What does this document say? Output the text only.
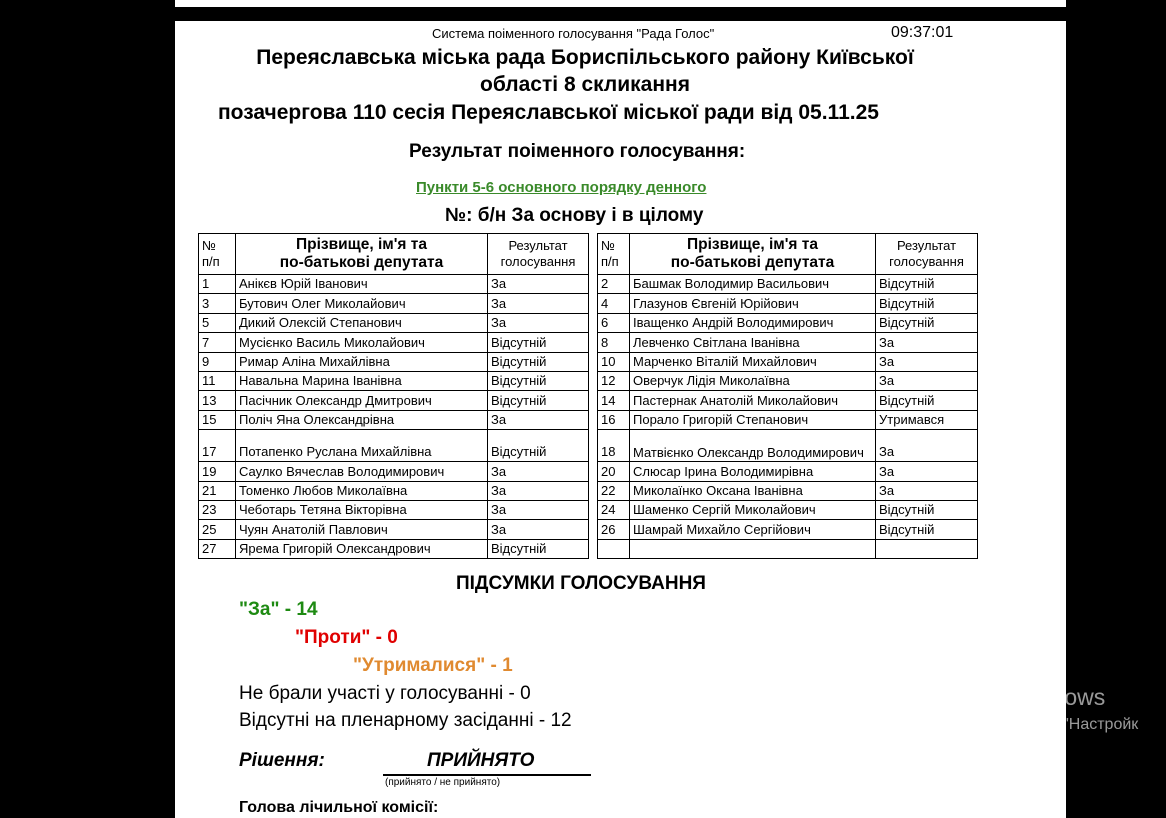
Система поіменного голосування "Рада Голос"	09:37:01
Переяславська міська рада Бориспільського району Київської
області 8 скликання
позачергова 110 сесія Переяславської міської ради від 05.11.25
Результат поіменного голосування:
Пункти 5-6 основного порядку денного
№: б/н За основу і в цілому
№
п/п	Прізвище, ім'я та
по-батькові депутата	Результат
голосування
1	Анікєв Юрій Іванович	За
3	Бутович Олег Миколайович	За
5	Дикий Олексій Степанович	За
7	Мусієнко Василь Миколайович	Відсутній
9	Римар Аліна Михайлівна	Відсутній
11	Навальна Марина Іванівна	Відсутній
13	Пасічник Олександр Дмитрович	Відсутній
15	Поліч Яна Олександрівна	За
17	Потапенко Руслана Михайлівна	Відсутній
19	Саулко Вячеслав Володимирович	За
21	Томенко Любов Миколаївна	За
23	Чеботарь Тетяна Вікторівна	За
25	Чуян Анатолій Павлович	За
27	Ярема Григорій Олександрович	Відсутній
№
п/п	Прізвище, ім'я та
по-батькові депутата	Результат
голосування
2	Башмак Володимир Васильович	Відсутній
4	Глазунов Євгеній Юрійович	Відсутній
6	Іващенко Андрій Володимирович	Відсутній
8	Левченко Світлана Іванівна	За
10	Марченко Віталій Михайлович	За
12	Оверчук Лідія Миколаївна	За
14	Пастернак Анатолій Миколайович	Відсутній
16	Порало Григорій Степанович	Утримався
18	Матвієнко Олександр Володимирович	За
20	Слюсар Ірина Володимирівна	За
22	Миколаїнко Оксана Іванівна	За
24	Шаменко Сергій Миколайович	Відсутній
26	Шамрай Михайло Сергійович	Відсутній

ПІДСУМКИ ГОЛОСУВАННЯ
"За" - 14
"Проти" - 0
"Утрималися" - 1
Не брали участі у голосуванні - 0
Відсутні на пленарному засіданні - 12
Рішення:	ПРИЙНЯТО
(прийнято / не прийнято)
Голова лічильної комісії:
Активація Windows
Перейдіть до розділу "Настройк
Windows.
